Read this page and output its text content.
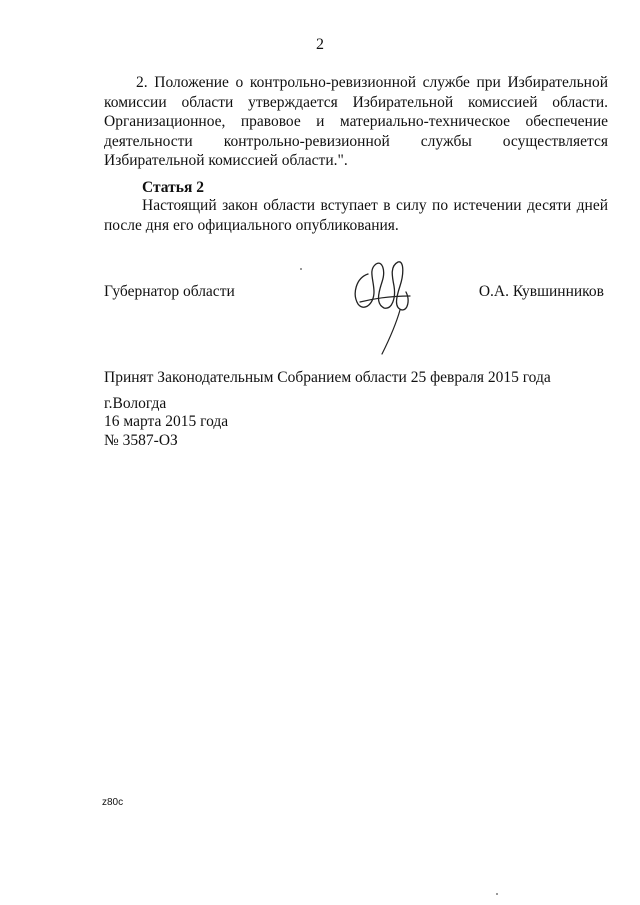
2

2. Положение о контрольно-ревизионной службе при Избирательной комиссии области утверждается Избирательной комиссией области. Организационное, правовое и материально-техническое обеспечение деятельности контрольно-ревизионной службы осуществляется Избирательной комиссией области.".

Статья 2

Настоящий закон области вступает в силу по истечении десяти дней после дня его официального опубликования.

Губернатор области	О.А. Кувшинников
Принят Законодательным Собранием области 25 февраля 2015 года
г.Вологда
16 марта 2015 года
№ 3587-ОЗ
z80c
